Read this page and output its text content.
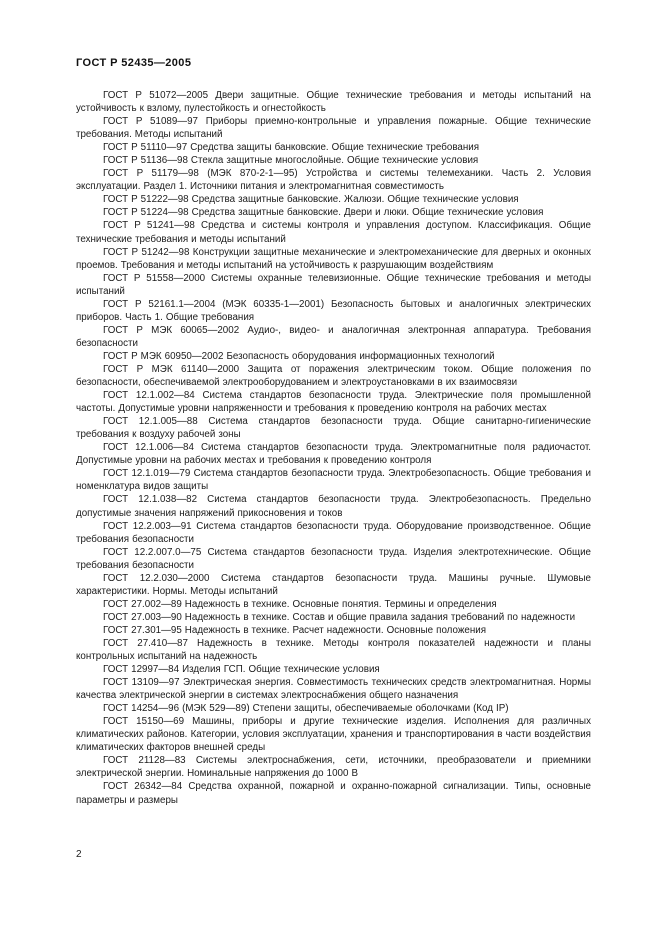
ГОСТ Р 52435—2005

ГОСТ Р 51072—2005 Двери защитные. Общие технические требования и методы испытаний на устойчивость к взлому, пулестойкость и огнестойкость

ГОСТ Р 51089—97 Приборы приемно-контрольные и управления пожарные. Общие технические требования. Методы испытаний

ГОСТ Р 51110—97 Средства защиты банковские. Общие технические требования

ГОСТ Р 51136—98 Стекла защитные многослойные. Общие технические условия

ГОСТ Р 51179—98 (МЭК 870-2-1—95) Устройства и системы телемеханики. Часть 2. Условия эксплуатации. Раздел 1. Источники питания и электромагнитная совместимость

ГОСТ Р 51222—98 Средства защитные банковские. Жалюзи. Общие технические условия

ГОСТ Р 51224—98 Средства защитные банковские. Двери и люки. Общие технические условия

ГОСТ Р 51241—98 Средства и системы контроля и управления доступом. Классификация. Общие технические требования и методы испытаний

ГОСТ Р 51242—98 Конструкции защитные механические и электромеханические для дверных и оконных проемов. Требования и методы испытаний на устойчивость к разрушающим воздействиям

ГОСТ Р 51558—2000 Системы охранные телевизионные. Общие технические требования и методы испытаний

ГОСТ Р 52161.1—2004 (МЭК 60335-1—2001) Безопасность бытовых и аналогичных электрических приборов. Часть 1. Общие требования

ГОСТ Р МЭК 60065—2002 Аудио-, видео- и аналогичная электронная аппаратура. Требования безопасности

ГОСТ Р МЭК 60950—2002 Безопасность оборудования информационных технологий

ГОСТ Р МЭК 61140—2000 Защита от поражения электрическим током. Общие положения по безопасности, обеспечиваемой электрооборудованием и электроустановками в их взаимосвязи

ГОСТ 12.1.002—84 Система стандартов безопасности труда. Электрические поля промышленной частоты. Допустимые уровни напряженности и требования к проведению контроля на рабочих местах

ГОСТ 12.1.005—88 Система стандартов безопасности труда. Общие санитарно-гигиенические требования к воздуху рабочей зоны

ГОСТ 12.1.006—84 Система стандартов безопасности труда. Электромагнитные поля радиочастот. Допустимые уровни на рабочих местах и требования к проведению контроля

ГОСТ 12.1.019—79 Система стандартов безопасности труда. Электробезопасность. Общие требования и номенклатура видов защиты

ГОСТ 12.1.038—82 Система стандартов безопасности труда. Электробезопасность. Предельно допустимые значения напряжений прикосновения и токов

ГОСТ 12.2.003—91 Система стандартов безопасности труда. Оборудование производственное. Общие требования безопасности

ГОСТ 12.2.007.0—75 Система стандартов безопасности труда. Изделия электротехнические. Общие требования безопасности

ГОСТ 12.2.030—2000 Система стандартов безопасности труда. Машины ручные. Шумовые характеристики. Нормы. Методы испытаний

ГОСТ 27.002—89 Надежность в технике. Основные понятия. Термины и определения

ГОСТ 27.003—90 Надежность в технике. Состав и общие правила задания требований по надежности

ГОСТ 27.301—95 Надежность в технике. Расчет надежности. Основные положения

ГОСТ 27.410—87 Надежность в технике. Методы контроля показателей надежности и планы контрольных испытаний на надежность

ГОСТ 12997—84 Изделия ГСП. Общие технические условия

ГОСТ 13109—97 Электрическая энергия. Совместимость технических средств электромагнитная. Нормы качества электрической энергии в системах электроснабжения общего назначения

ГОСТ 14254—96 (МЭК 529—89) Степени защиты, обеспечиваемые оболочками (Код IP)

ГОСТ 15150—69 Машины, приборы и другие технические изделия. Исполнения для различных климатических районов. Категории, условия эксплуатации, хранения и транспортирования в части воздействия климатических факторов внешней среды

ГОСТ 21128—83 Системы электроснабжения, сети, источники, преобразователи и приемники электрической энергии. Номинальные напряжения до 1000 В

ГОСТ 26342—84 Средства охранной, пожарной и охранно-пожарной сигнализации. Типы, основные параметры и размеры

2
